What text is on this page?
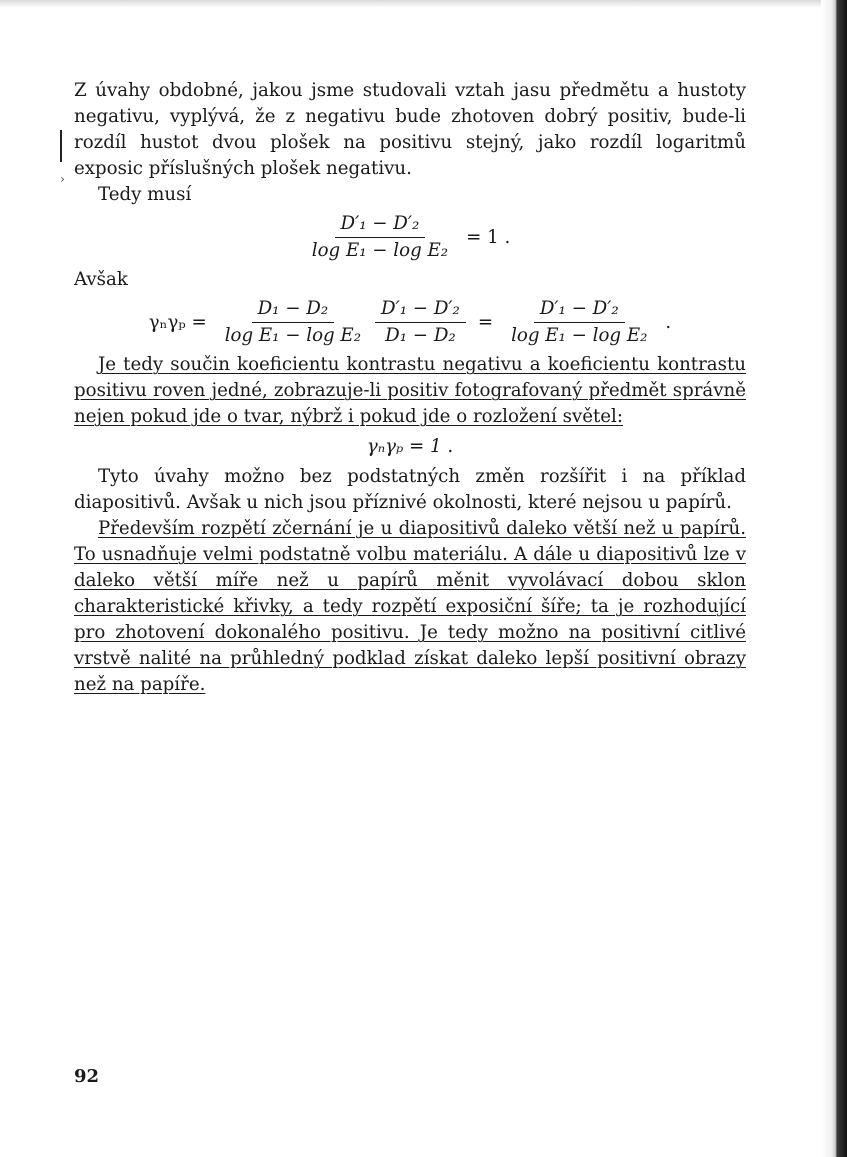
›

Z úvahy obdobné, jakou jsme studovali vztah jasu předmětu a hustoty negativu, vyplývá, že z negativu bude zhotoven dobrý positiv, bude-li rozdíl hustot dvou plošek na positivu stejný, jako rozdíl logaritmů exposic příslušných plošek negativu.

Tedy musí

$\frac{\text{D′₁ − D′₂}}{\text{log E₁ − log E₂}} = 1$ .

Avšak

$\gamma_n\gamma_p = \frac{\text{D₁ − D₂}}{\text{log E₁ − log E₂}} \frac{\text{D′₁ − D′₂}}{\text{D₁ − D₂}} = \frac{\text{D′₁ − D′₂}}{\text{log E₁ − log E₂}}$ .

Je tedy součin koeficientu kontrastu negativu a koeficientu kontrastu positivu roven jedné, zobrazuje-li positiv fotografovaný předmět správně nejen pokud jde o tvar, nýbrž i pokud jde o rozložení světel:

γₙγₚ = 1 .

Tyto úvahy možno bez podstatných změn rozšířit i na příklad diapositivů. Avšak u nich jsou příznivé okolnosti, které nejsou u papírů.

Především rozpětí zčernání je u diapositivů daleko větší než u papírů. To usnadňuje velmi podstatně volbu materiálu. A dále u diapositivů lze v daleko větší míře než u papírů měnit vyvolávací dobou sklon charakteristické křivky, a tedy rozpětí exposiční šíře; ta je rozhodující pro zhotovení dokonalého positivu. Je tedy možno na positivní citlivé vrstvě nalité na průhledný podklad získat daleko lepší positivní obrazy než na papíře.

92
